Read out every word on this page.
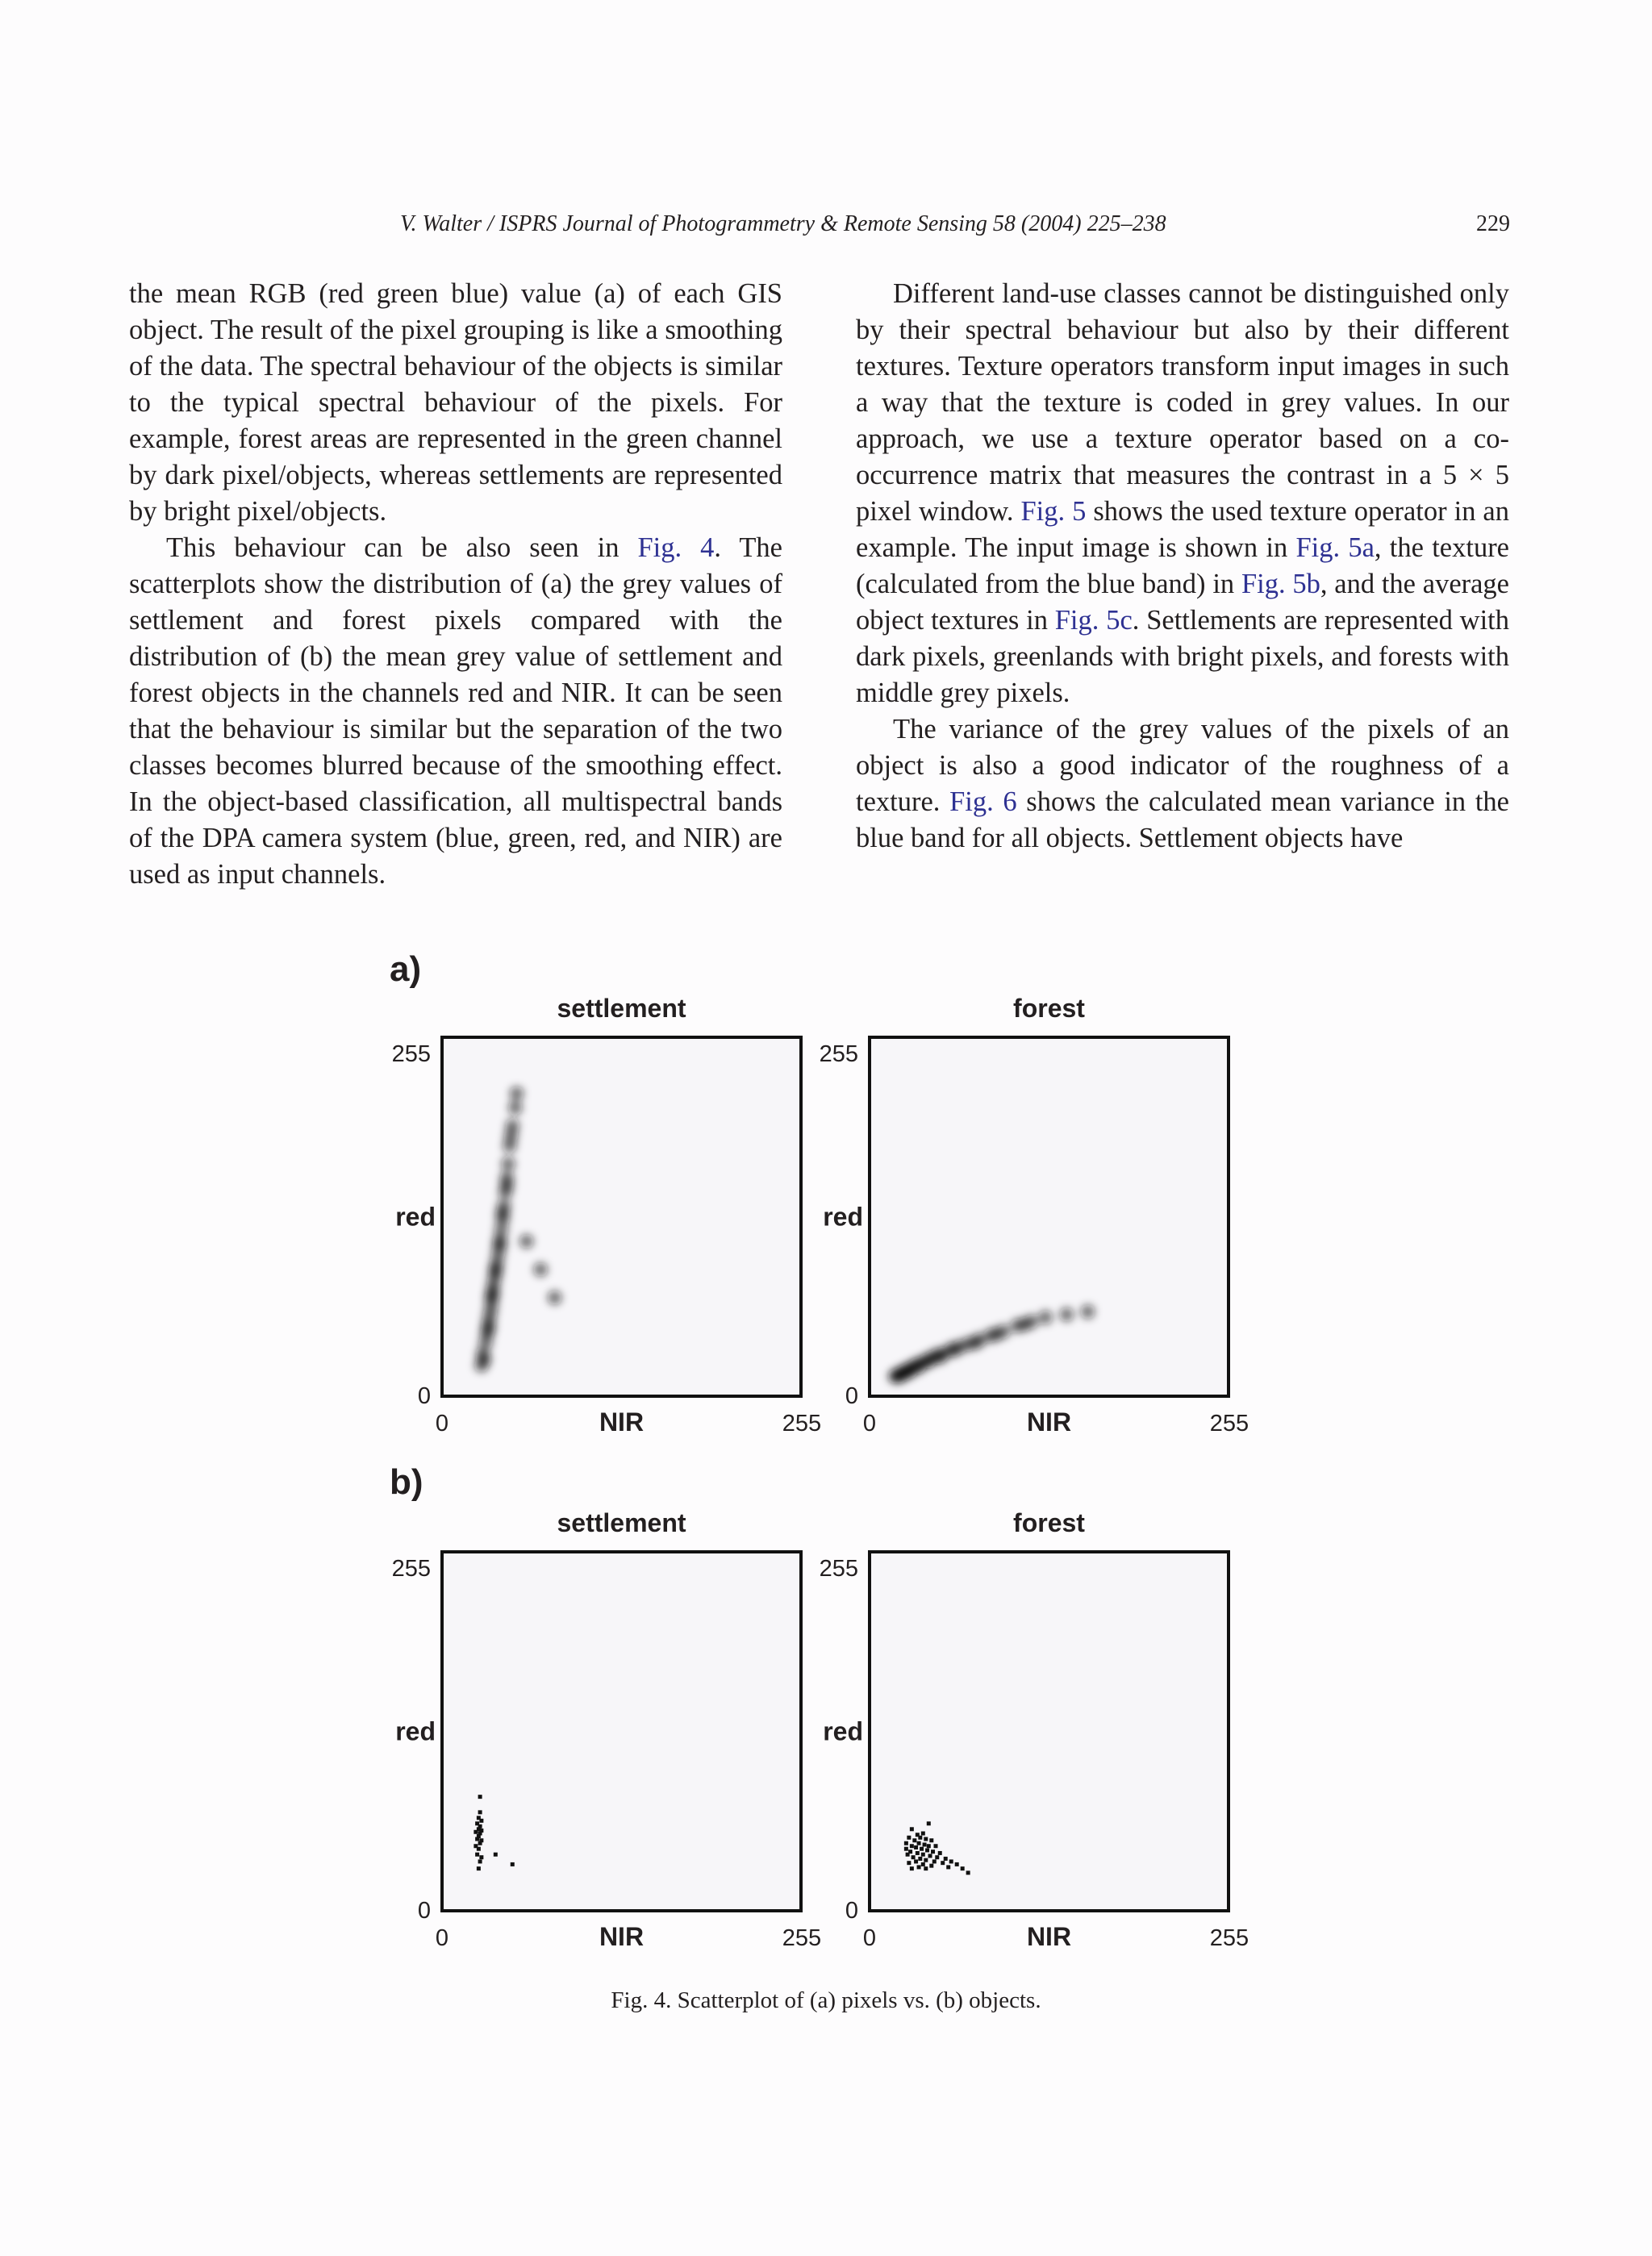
V. Walter / ISPRS Journal of Photogrammetry & Remote Sensing 58 (2004) 225–238	229

the mean RGB (red green blue) value (a) of each GIS object. The result of the pixel grouping is like a smoothing of the data. The spectral behaviour of the objects is similar to the typical spectral behaviour of the pixels. For example, forest areas are represented in the green channel by dark pixel/objects, whereas settlements are represented by bright pixel/objects.

This behaviour can be also seen in Fig. 4. The scatterplots show the distribution of (a) the grey values of settlement and forest pixels compared with the distribution of (b) the mean grey value of settlement and forest objects in the channels red and NIR. It can be seen that the behaviour is similar but the separation of the two classes becomes blurred because of the smoothing effect. In the object-based classification, all multispectral bands of the DPA camera system (blue, green, red, and NIR) are used as input channels.

Different land-use classes cannot be distinguished only by their spectral behaviour but also by their different textures. Texture operators transform input images in such a way that the texture is coded in grey values. In our approach, we use a texture operator based on a co-occurrence matrix that measures the contrast in a 5 × 5 pixel window. Fig. 5 shows the used texture operator in an example. The input image is shown in Fig. 5a, the texture (calculated from the blue band) in Fig. 5b, and the average object textures in Fig. 5c. Settlements are represented with dark pixels, greenlands with bright pixels, and forests with middle grey pixels.

The variance of the grey values of the pixels of an object is also a good indicator of the roughness of a texture. Fig. 6 shows the calculated mean variance in the blue band for all objects. Settlement objects have

a)
b)
settlement
255
0
red
0	255
NIR
forest
255
0
red
0	255
NIR
settlement
255
0
red
0	255
NIR
forest
255
0
red
0	255
NIR
Fig. 4. Scatterplot of (a) pixels vs. (b) objects.
